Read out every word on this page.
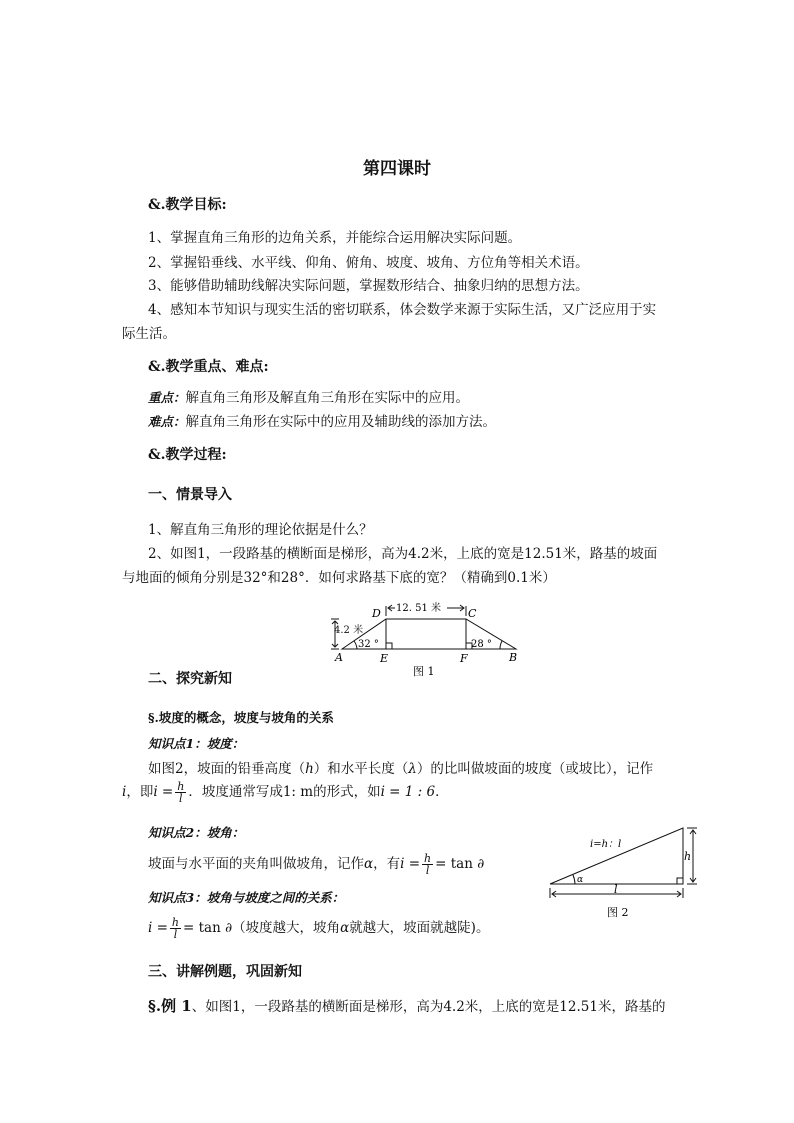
第四课时
&.教学目标:
1、掌握直角三角形的边角关系，并能综合运用解决实际问题。
2、掌握铅垂线、水平线、仰角、俯角、坡度、坡角、方位角等相关术语。
3、能够借助辅助线解决实际问题，掌握数形结合、抽象归纳的思想方法。
4、感知本节知识与现实生活的密切联系，体会数学来源于实际生活，又广泛应用于实
际生活。
&.教学重点、难点:
重点：解直角三角形及解直角三角形在实际中的应用。
难点：解直角三角形在实际中的应用及辅助线的添加方法。
&.教学过程:
一、情景导入
1、解直角三角形的理论依据是什么？
2、如图1，一段路基的横断面是梯形，高为4.2米，上底的宽是12.51米，路基的坡面
与地面的倾角分别是32°和28°．如何求路基下底的宽？（精确到0.1米）
12. 51 米
4.2 米
32 °	28 °
D	C
A	E	F	B
图 1
二、探究新知
§.坡度的概念，坡度与坡角的关系
知识点1：坡度：
如图2，坡面的铅垂高度（h）和水平长度（λ）的比叫做坡面的坡度（或坡比），记作
i，即$i = \frac{h}{l}$ ．坡度通常写成1: m的形式，如i = 1 : 6．
知识点2：坡角：
坡面与水平面的夹角叫做坡角，记作α，有$i = \frac{h}{l} = \tan$ ∂
知识点3：坡角与坡度之间的关系：
$i = \frac{h}{l} = \tan$ ∂（坡度越大，坡角α就越大，坡面就越陡)。
i=h：l
h
α
l
图 2
三、讲解例题，巩固新知
§.例 1、如图1，一段路基的横断面是梯形，高为4.2米，上底的宽是12.51米，路基的
